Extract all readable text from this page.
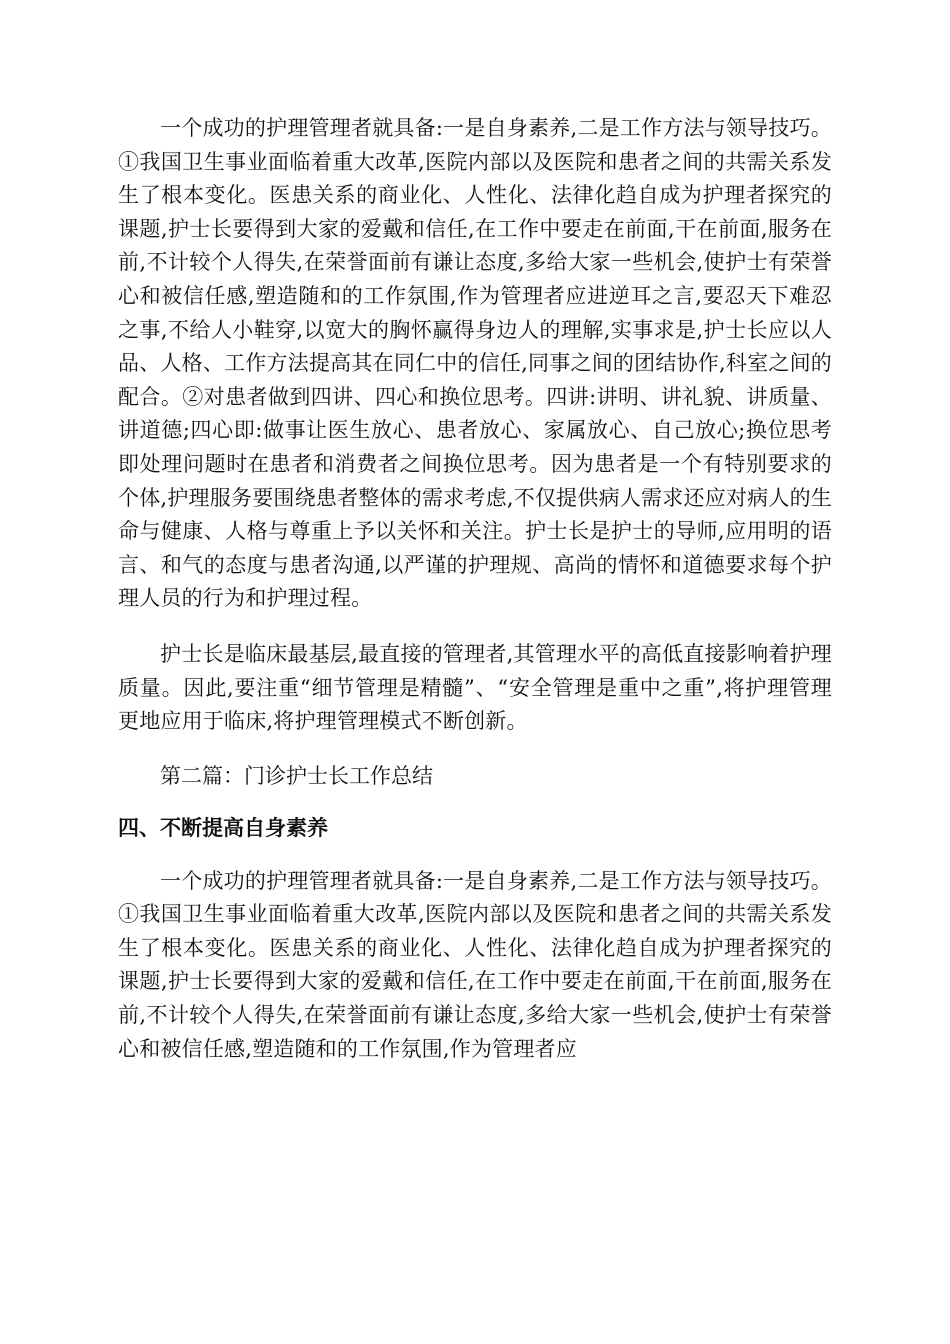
一个成功的护理管理者就具备:一是自身素养,二是工作方法与领导技巧。①我国卫生事业面临着重大改革,医院内部以及医院和患者之间的共需关系发生了根本变化。医患关系的商业化、人性化、法律化趋自成为护理者探究的课题,护士长要得到大家的爱戴和信任,在工作中要走在前面,干在前面,服务在前,不计较个人得失,在荣誉面前有谦让态度,多给大家一些机会,使护士有荣誉心和被信任感,塑造随和的工作氛围,作为管理者应进逆耳之言,要忍天下难忍之事,不给人小鞋穿,以宽大的胸怀赢得身边人的理解,实事求是,护士长应以人品、人格、工作方法提高其在同仁中的信任,同事之间的团结协作,科室之间的配合。②对患者做到四讲、四心和换位思考。四讲:讲明、讲礼貌、讲质量、讲道德;四心即:做事让医生放心、患者放心、家属放心、自己放心;换位思考即处理问题时在患者和消费者之间换位思考。因为患者是一个有特别要求的个体,护理服务要围绕患者整体的需求考虑,不仅提供病人需求还应对病人的生命与健康、人格与尊重上予以关怀和关注。护士长是护士的导师,应用明的语言、和气的态度与患者沟通,以严谨的护理规、高尚的情怀和道德要求每个护理人员的行为和护理过程。

护士长是临床最基层,最直接的管理者,其管理水平的高低直接影响着护理质量。因此,要注重“细节管理是精髓”、“安全管理是重中之重”,将护理管理更地应用于临床,将护理管理模式不断创新。

第二篇：门诊护士长工作总结

四、不断提高自身素养

一个成功的护理管理者就具备:一是自身素养,二是工作方法与领导技巧。①我国卫生事业面临着重大改革,医院内部以及医院和患者之间的共需关系发生了根本变化。医患关系的商业化、人性化、法律化趋自成为护理者探究的课题,护士长要得到大家的爱戴和信任,在工作中要走在前面,干在前面,服务在前,不计较个人得失,在荣誉面前有谦让态度,多给大家一些机会,使护士有荣誉心和被信任感,塑造随和的工作氛围,作为管理者应
